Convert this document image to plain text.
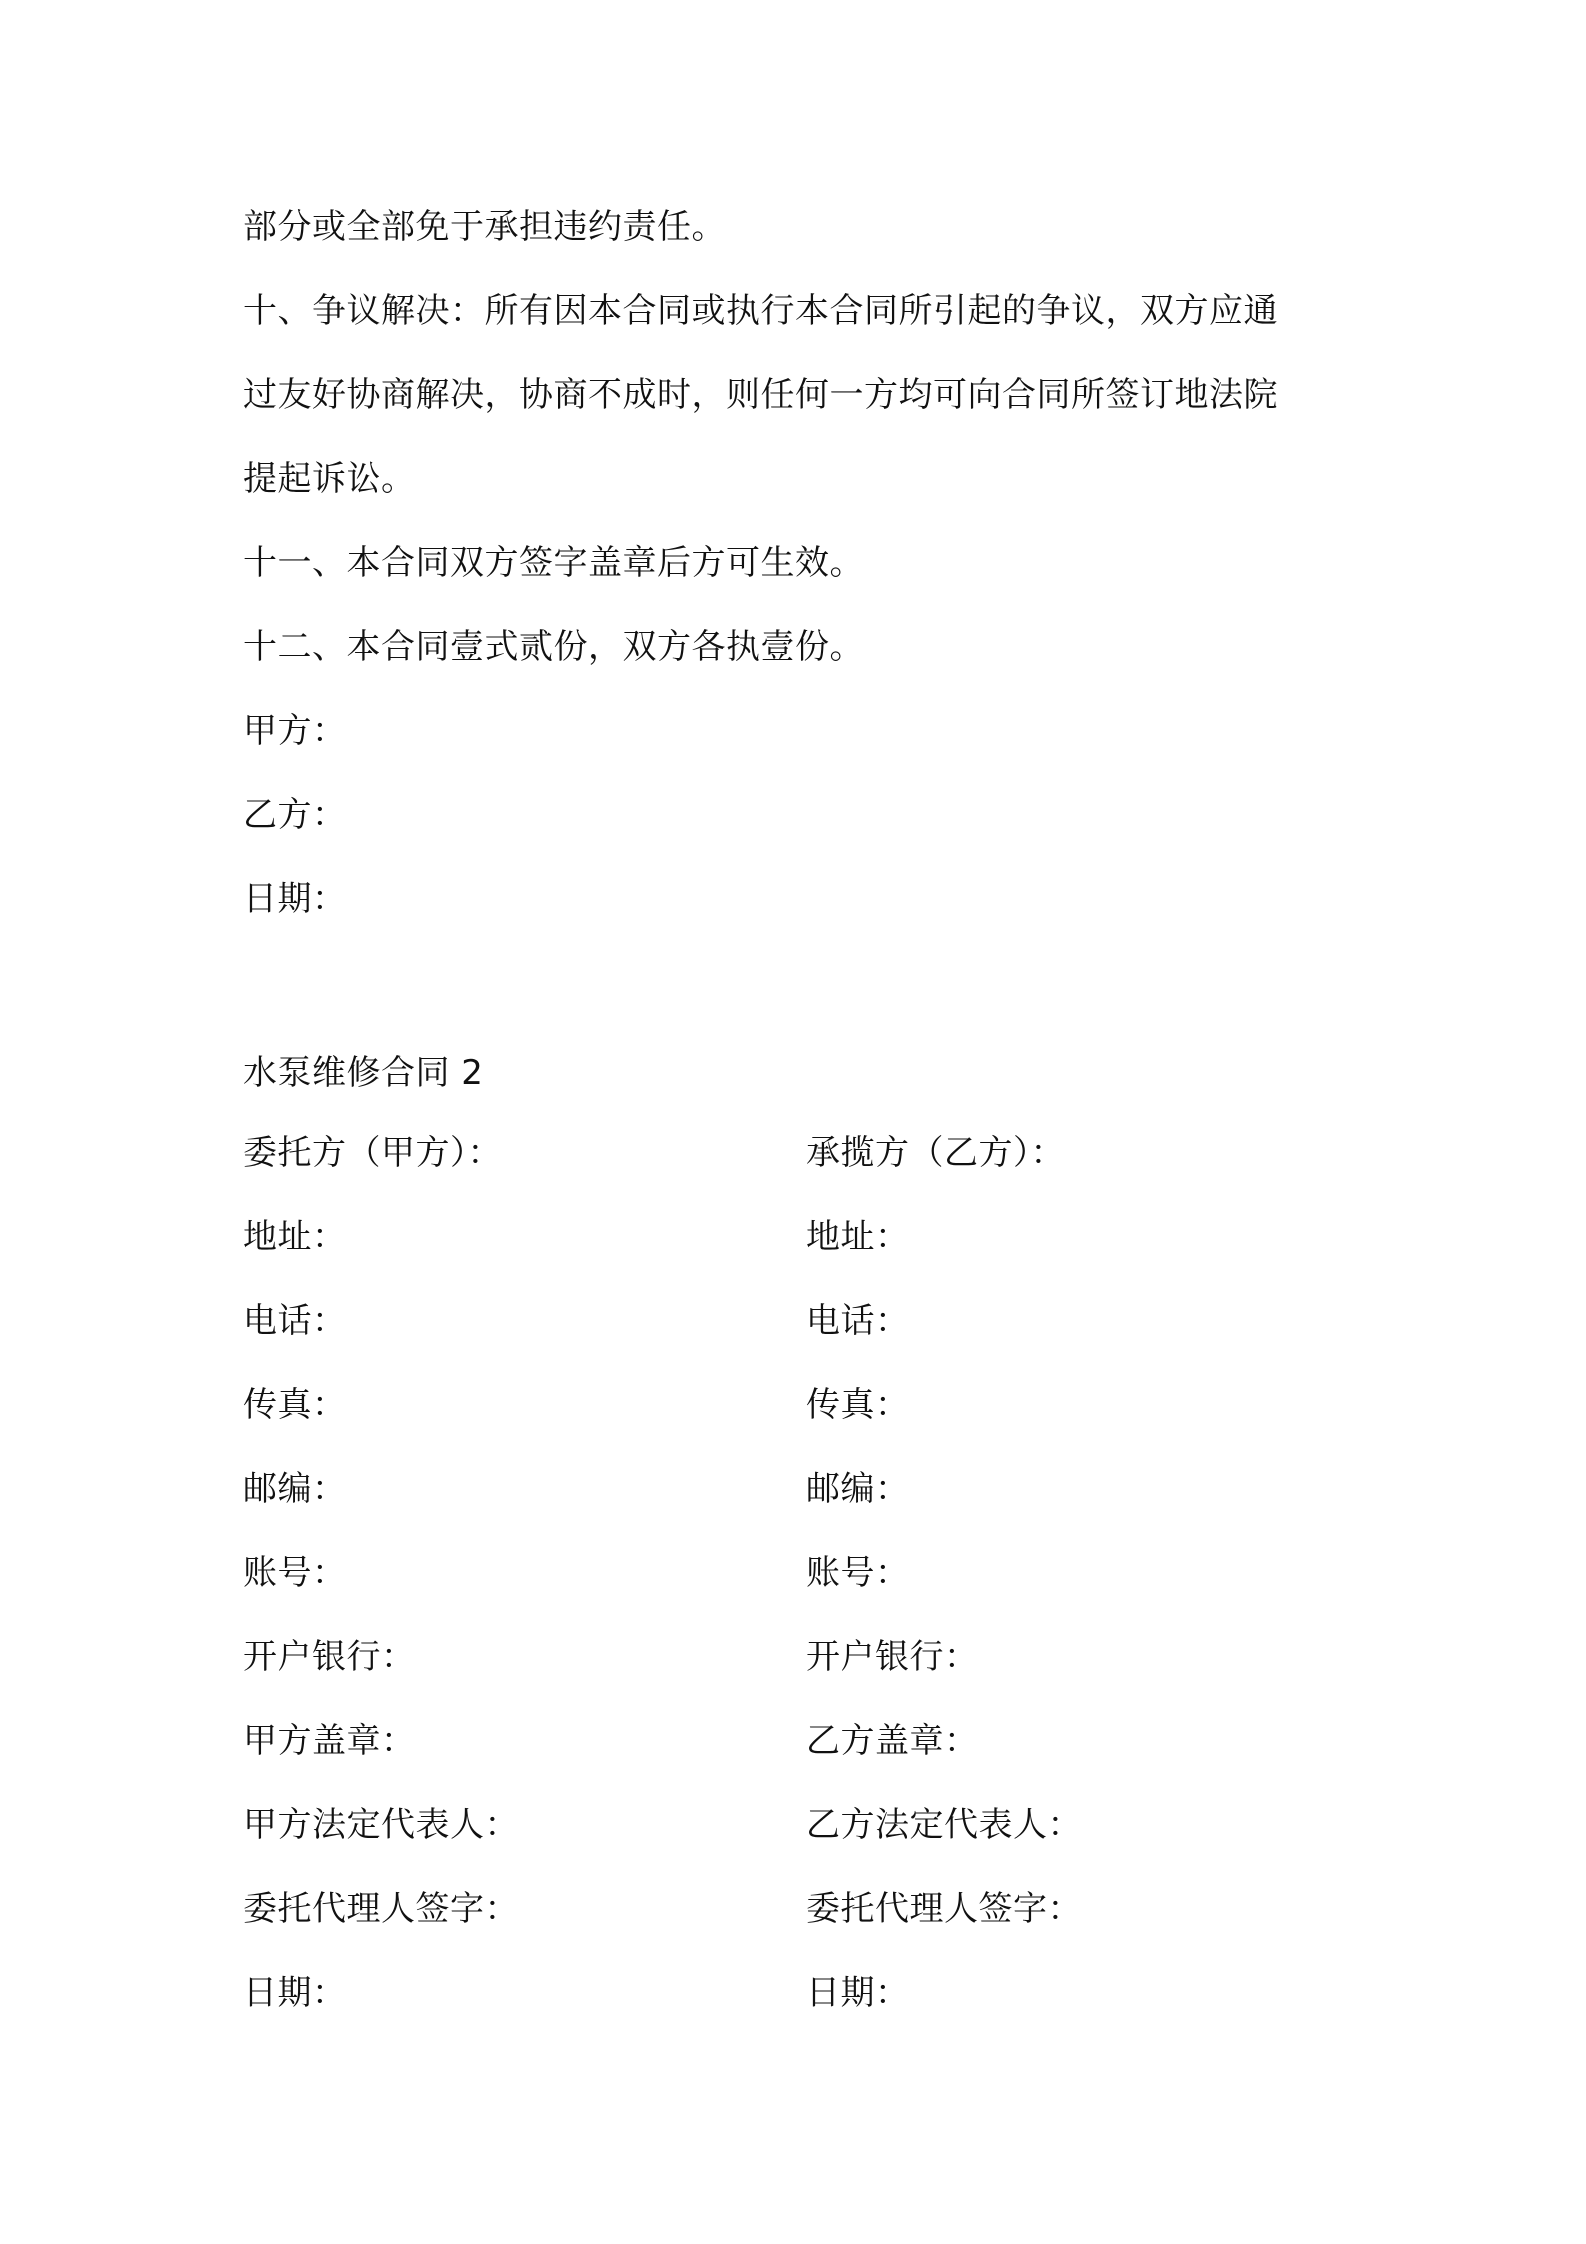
部分或全部免于承担违约责任。
十、争议解决：所有因本合同或执行本合同所引起的争议，双方应通
过友好协商解决，协商不成时，则任何一方均可向合同所签订地法院
提起诉讼。
十一、本合同双方签字盖章后方可生效。
十二、本合同壹式贰份，双方各执壹份。
甲方：
乙方：
日期：
水泵维修合同 2
委托方（甲方）：
地址：
电话：
传真：
邮编：
账号：
开户银行：
甲方盖章：
甲方法定代表人：
委托代理人签字：
日期：
承揽方（乙方）：
地址：
电话：
传真：
邮编：
账号：
开户银行：
乙方盖章：
乙方法定代表人：
委托代理人签字：
日期：
